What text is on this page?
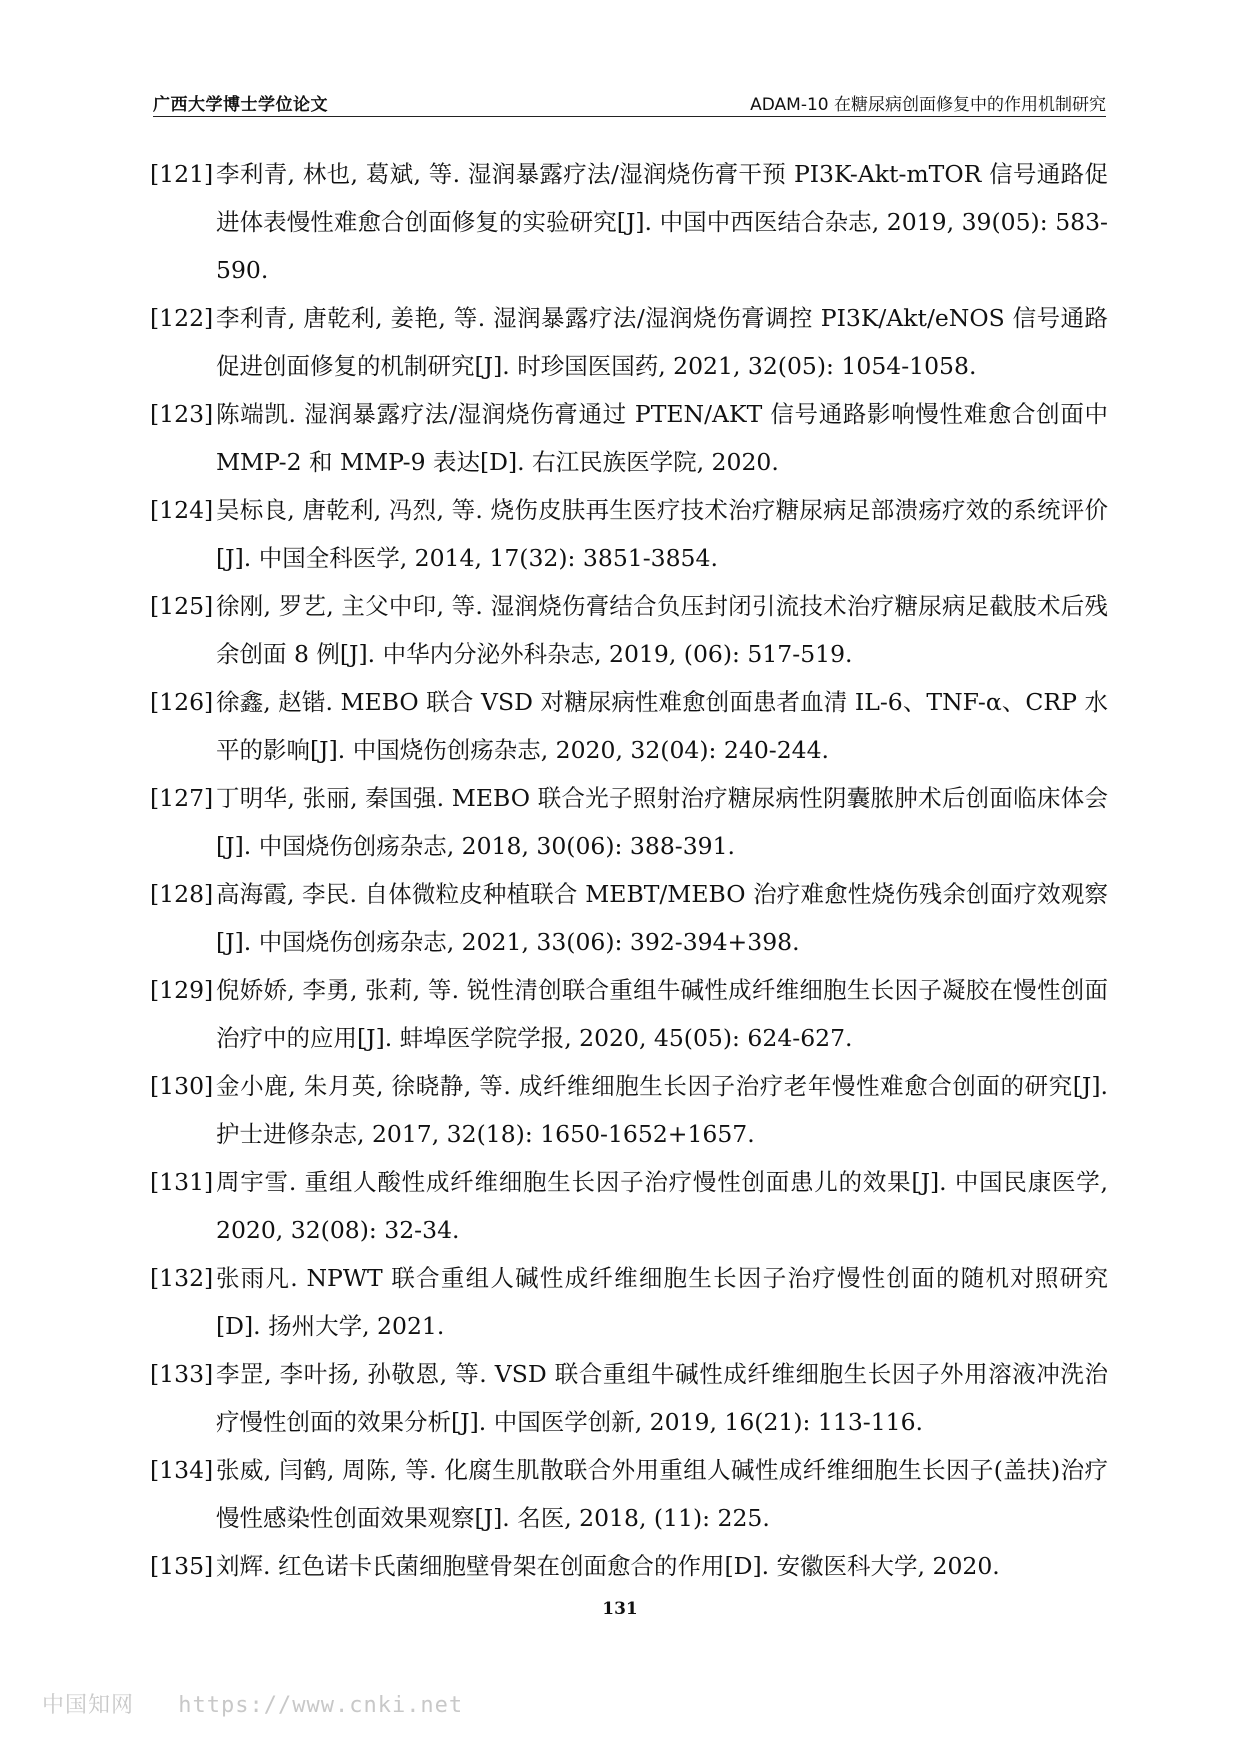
广西大学博士学位论文	ADAM-10 在糖尿病创面修复中的作用机制研究
[121] 李利青, 林也, 葛斌, 等. 湿润暴露疗法/湿润烧伤膏干预 PI3K-Akt-mTOR 信号通路促进体表慢性难愈合创面修复的实验研究[J]. 中国中西医结合杂志, 2019, 39(05): 583-590.
[122] 李利青, 唐乾利, 姜艳, 等. 湿润暴露疗法/湿润烧伤膏调控 PI3K/Akt/eNOS 信号通路促进创面修复的机制研究[J]. 时珍国医国药, 2021, 32(05): 1054-1058.
[123] 陈端凯. 湿润暴露疗法/湿润烧伤膏通过 PTEN/AKT 信号通路影响慢性难愈合创面中 MMP-2 和 MMP-9 表达[D]. 右江民族医学院, 2020.
[124] 吴标良, 唐乾利, 冯烈, 等. 烧伤皮肤再生医疗技术治疗糖尿病足部溃疡疗效的系统评价[J]. 中国全科医学, 2014, 17(32): 3851-3854.
[125] 徐刚, 罗艺, 主父中印, 等. 湿润烧伤膏结合负压封闭引流技术治疗糖尿病足截肢术后残余创面 8 例[J]. 中华内分泌外科杂志, 2019, (06): 517-519.
[126] 徐鑫, 赵锴. MEBO 联合 VSD 对糖尿病性难愈创面患者血清 IL-6、TNF-α、CRP 水平的影响[J]. 中国烧伤创疡杂志, 2020, 32(04): 240-244.
[127] 丁明华, 张丽, 秦国强. MEBO 联合光子照射治疗糖尿病性阴囊脓肿术后创面临床体会[J]. 中国烧伤创疡杂志, 2018, 30(06): 388-391.
[128] 高海霞, 李民. 自体微粒皮种植联合 MEBT/MEBO 治疗难愈性烧伤残余创面疗效观察[J]. 中国烧伤创疡杂志, 2021, 33(06): 392-394+398.
[129] 倪娇娇, 李勇, 张莉, 等. 锐性清创联合重组牛碱性成纤维细胞生长因子凝胶在慢性创面治疗中的应用[J]. 蚌埠医学院学报, 2020, 45(05): 624-627.
[130] 金小鹿, 朱月英, 徐晓静, 等. 成纤维细胞生长因子治疗老年慢性难愈合创面的研究[J]. 护士进修杂志, 2017, 32(18): 1650-1652+1657.
[131] 周宇雪. 重组人酸性成纤维细胞生长因子治疗慢性创面患儿的效果[J]. 中国民康医学, 2020, 32(08): 32-34.
[132] 张雨凡. NPWT 联合重组人碱性成纤维细胞生长因子治疗慢性创面的随机对照研究[D]. 扬州大学, 2021.
[133] 李罡, 李叶扬, 孙敬恩, 等. VSD 联合重组牛碱性成纤维细胞生长因子外用溶液冲洗治疗慢性创面的效果分析[J]. 中国医学创新, 2019, 16(21): 113-116.
[134] 张威, 闫鹤, 周陈, 等. 化腐生肌散联合外用重组人碱性成纤维细胞生长因子(盖扶)治疗慢性感染性创面效果观察[J]. 名医, 2018, (11): 225.
[135] 刘辉. 红色诺卡氏菌细胞壁骨架在创面愈合的作用[D]. 安徽医科大学, 2020.
131
中国知网 https://www.cnki.net
